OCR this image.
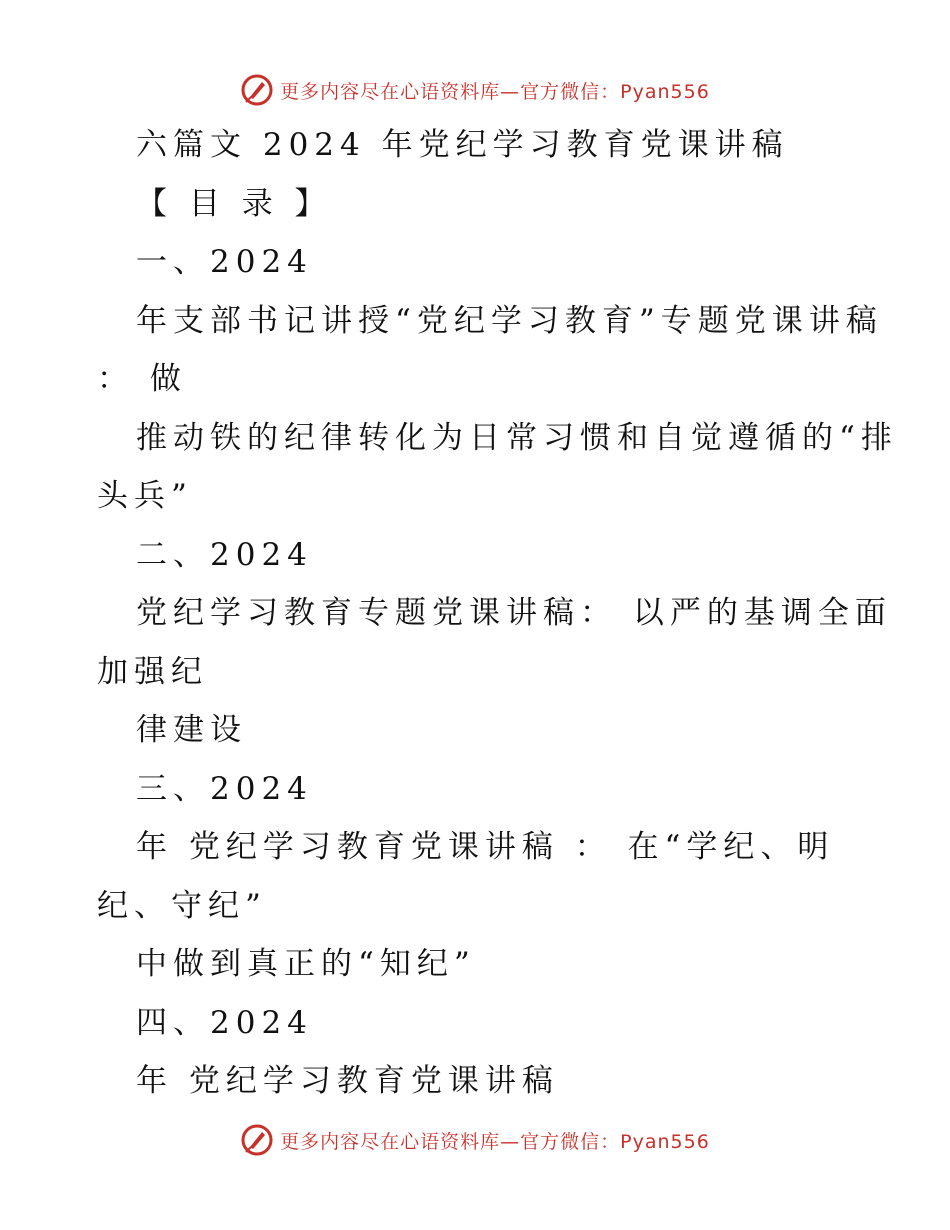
更多内容尽在心语资料库—官方微信：Pyan556

六篇文 2024 年党纪学习教育党课讲稿

【 目 录 】

一、2024

年支部书记讲授“党纪学习教育”专题党课讲稿

： 做

推动铁的纪律转化为日常习惯和自觉遵循的“排

头兵”

二、2024

党纪学习教育专题党课讲稿： 以严的基调全面

加强纪

律建设

三、2024

年 党纪学习教育党课讲稿 ： 在“学纪、明

纪、守纪”

中做到真正的“知纪”

四、2024

年 党纪学习教育党课讲稿

更多内容尽在心语资料库—官方微信：Pyan556
